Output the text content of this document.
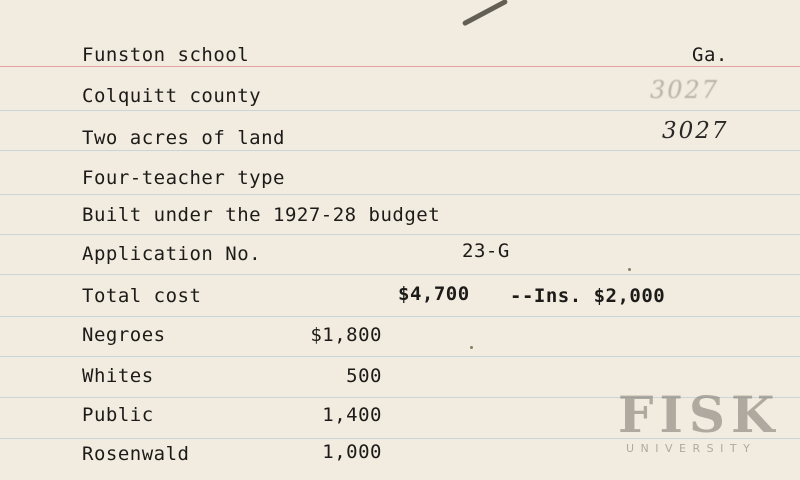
Funston school	Ga.
Colquitt county	3027
Two acres of land	3027
Four-teacher type
Built under the 1927-28 budget
Application No.	23-G
Total cost	$4,700 --Ins. $2,000
Negroes	$1,800
Whites	500
Public	1,400
Rosenwald	1,000
FISK
UNIVERSITY
